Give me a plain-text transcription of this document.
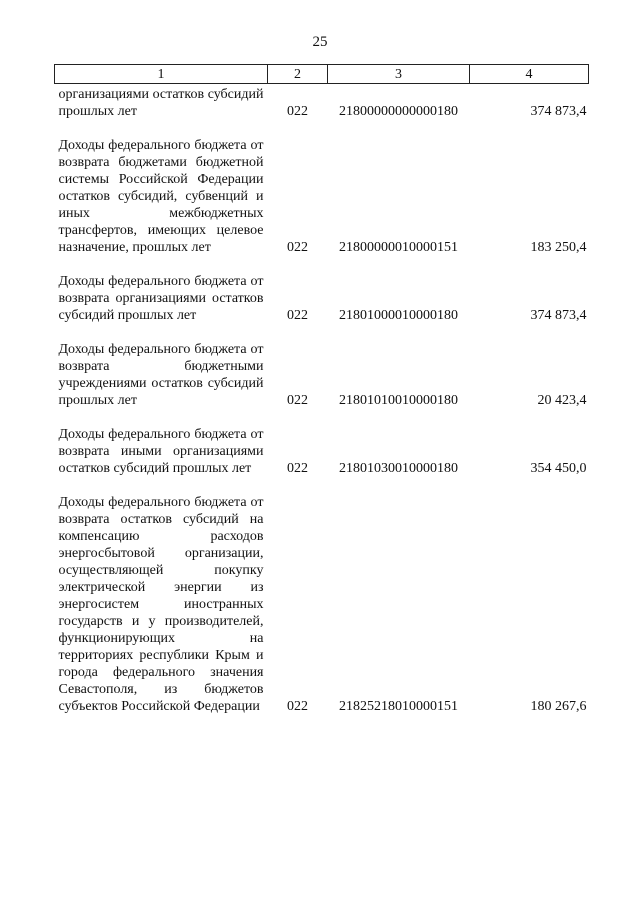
25
1	2	3	4
организациями остатков субсидий прошлых лет	022	21800000000000180	374 873,4
Доходы федерального бюджета от возврата бюджетами бюджетной системы Российской Федерации остатков субсидий, субвенций и иных межбюджетных трансфертов, имеющих целевое назначение, прошлых лет	022	21800000010000151	183 250,4
Доходы федерального бюджета от возврата организациями остатков субсидий прошлых лет	022	21801000010000180	374 873,4
Доходы федерального бюджета от возврата бюджетными учреждениями остатков субсидий прошлых лет	022	21801010010000180	20 423,4
Доходы федерального бюджета от возврата иными организациями остатков субсидий прошлых лет	022	21801030010000180	354 450,0
Доходы федерального бюджета от возврата остатков субсидий на компенсацию расходов энергосбытовой организации, осуществляющей покупку электрической энергии из энергосистем иностранных государств и у производителей, функционирующих на территориях республики Крым и города федерального значения Севастополя, из бюджетов субъектов Российской Федерации	022	21825218010000151	180 267,6
